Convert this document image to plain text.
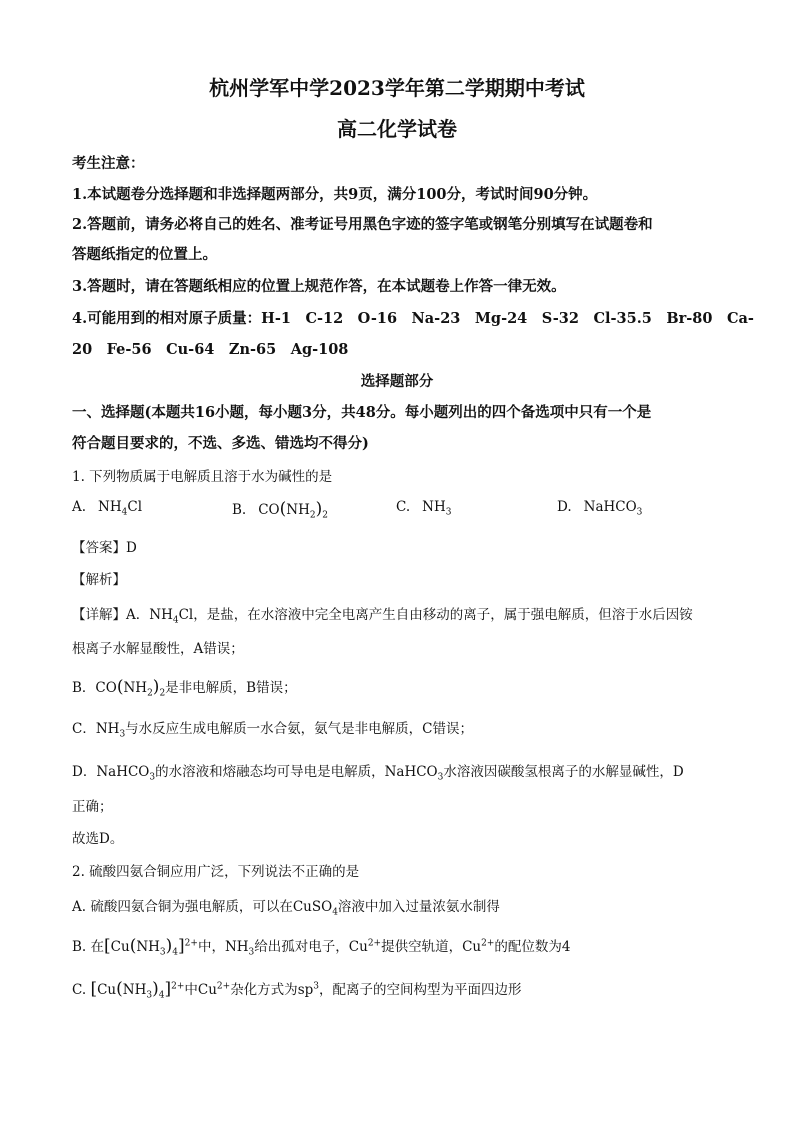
杭州学军中学2023学年第二学期期中考试
高二化学试卷
考生注意：
1.本试题卷分选择题和非选择题两部分，共9页，满分100分，考试时间90分钟。
2.答题前，请务必将自己的姓名、准考证号用黑色字迹的签字笔或钢笔分别填写在试题卷和
答题纸指定的位置上。
3.答题时，请在答题纸相应的位置上规范作答，在本试题卷上作答一律无效。
4.可能用到的相对原子质量：H-1　C-12　O-16　Na-23　Mg-24　S-32　Cl-35.5　Br-80　Ca-
20　Fe-56　Cu-64　Zn-65　Ag-108
选择题部分
一、选择题(本题共16小题，每小题3分，共48分。每小题列出的四个备选项中只有一个是
符合题目要求的，不选、多选、错选均不得分)
1. 下列物质属于电解质且溶于水为碱性的是
A. $NH_4Cl$	B. $CO(NH_2)_2$
C. $NH_3$	D. NaHCO$_3$
【答案】D
【解析】
【详解】A．$NH_4Cl$，是盐，在水溶液中完全电离产生自由移动的离子，属于强电解质，但溶于水后因铵
根离子水解显酸性，A错误；
B．$CO(NH_2)_2$是非电解质，B错误；
C．$NH_3$与水反应生成电解质一水合氨，氨气是非电解质，C错误；
D．NaHCO$_3$的水溶液和熔融态均可导电是电解质，NaHCO$_3$水溶液因碳酸氢根离子的水解显碱性，D
正确；
故选D。
2. 硫酸四氨合铜应用广泛，下列说法不正确的是
A. 硫酸四氨合铜为强电解质，可以在CuSO$_4$溶液中加入过量浓氨水制得
B. 在$[Cu(NH_3)_4]^{2+}$中，$NH_3$给出孤对电子，$Cu^{2+}$提供空轨道，$Cu^{2+}$的配位数为4
C. $[Cu(NH_3)_4]^{2+}$中$Cu^{2+}$杂化方式为$sp^3$，配离子的空间构型为平面四边形
